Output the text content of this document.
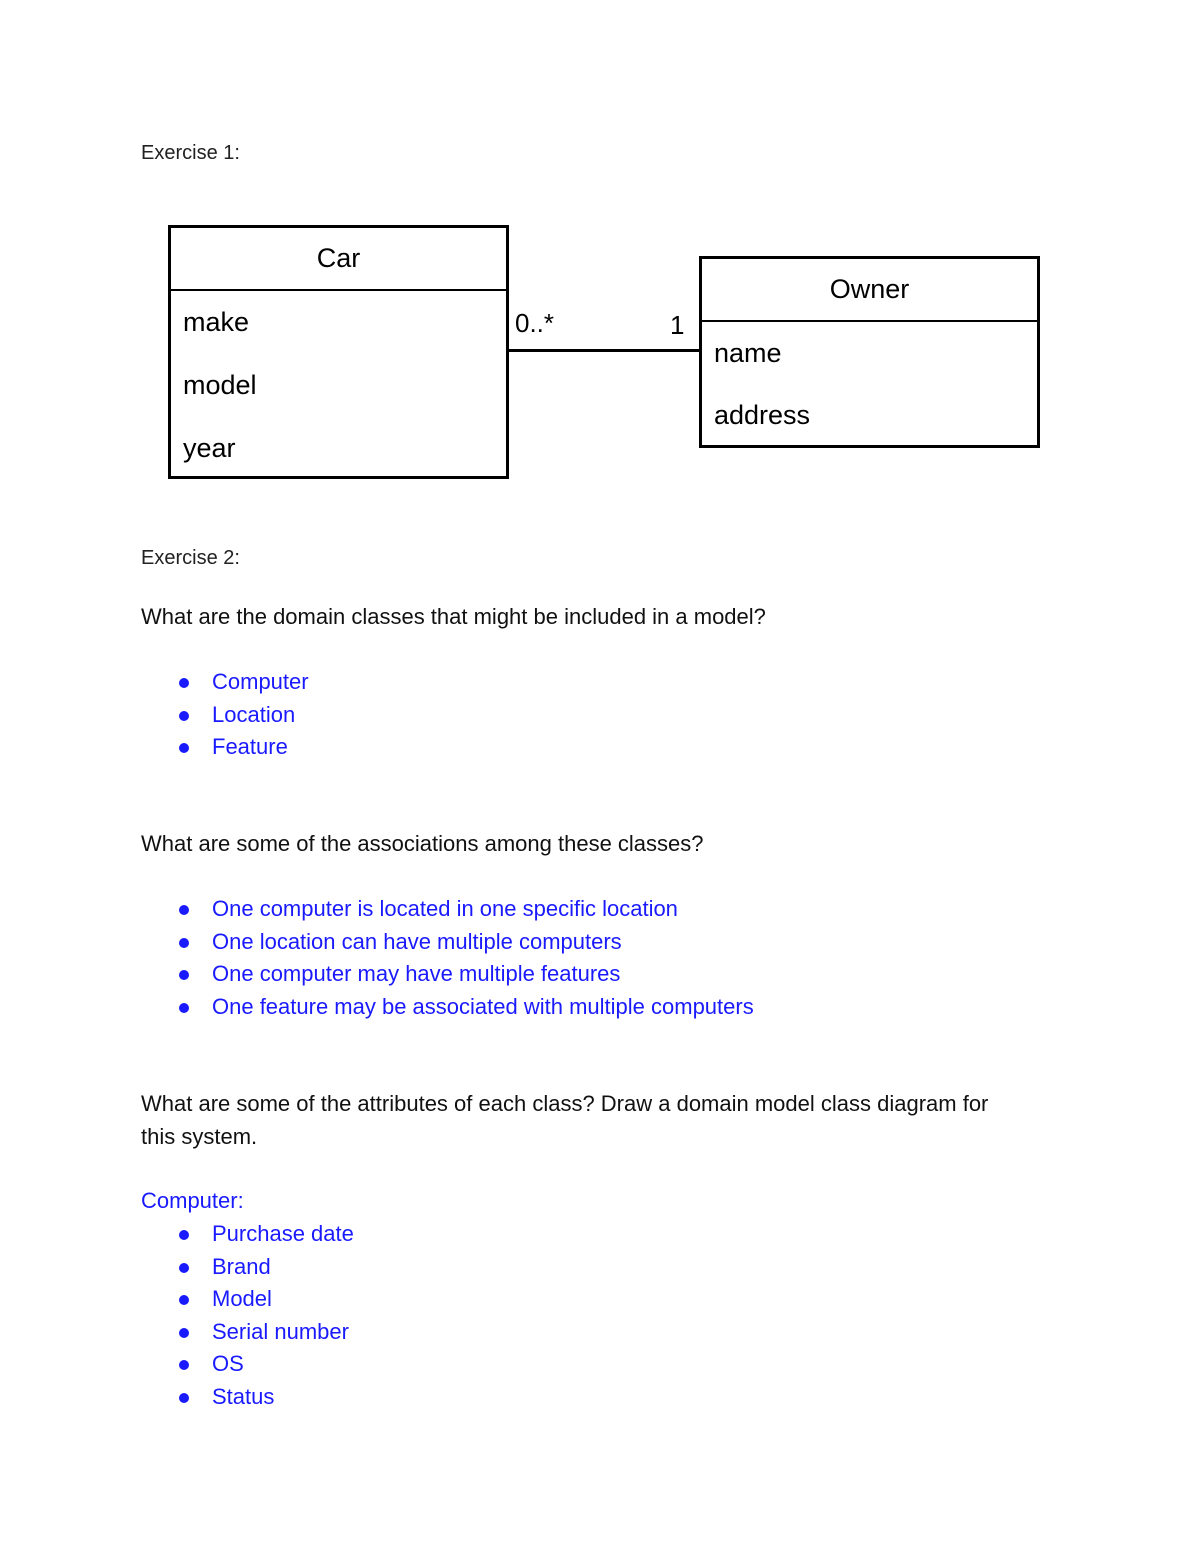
Exercise 1:
Car
make
model
year
0..*	1
Owner
name
address
Exercise 2:
What are the domain classes that might be included in a model?
Computer
Location
Feature
What are some of the associations among these classes?
One computer is located in one specific location
One location can have multiple computers
One computer may have multiple features
One feature may be associated with multiple computers
What are some of the attributes of each class? Draw a domain model class diagram for
this system.
Computer:
Purchase date
Brand
Model
Serial number
OS
Status
